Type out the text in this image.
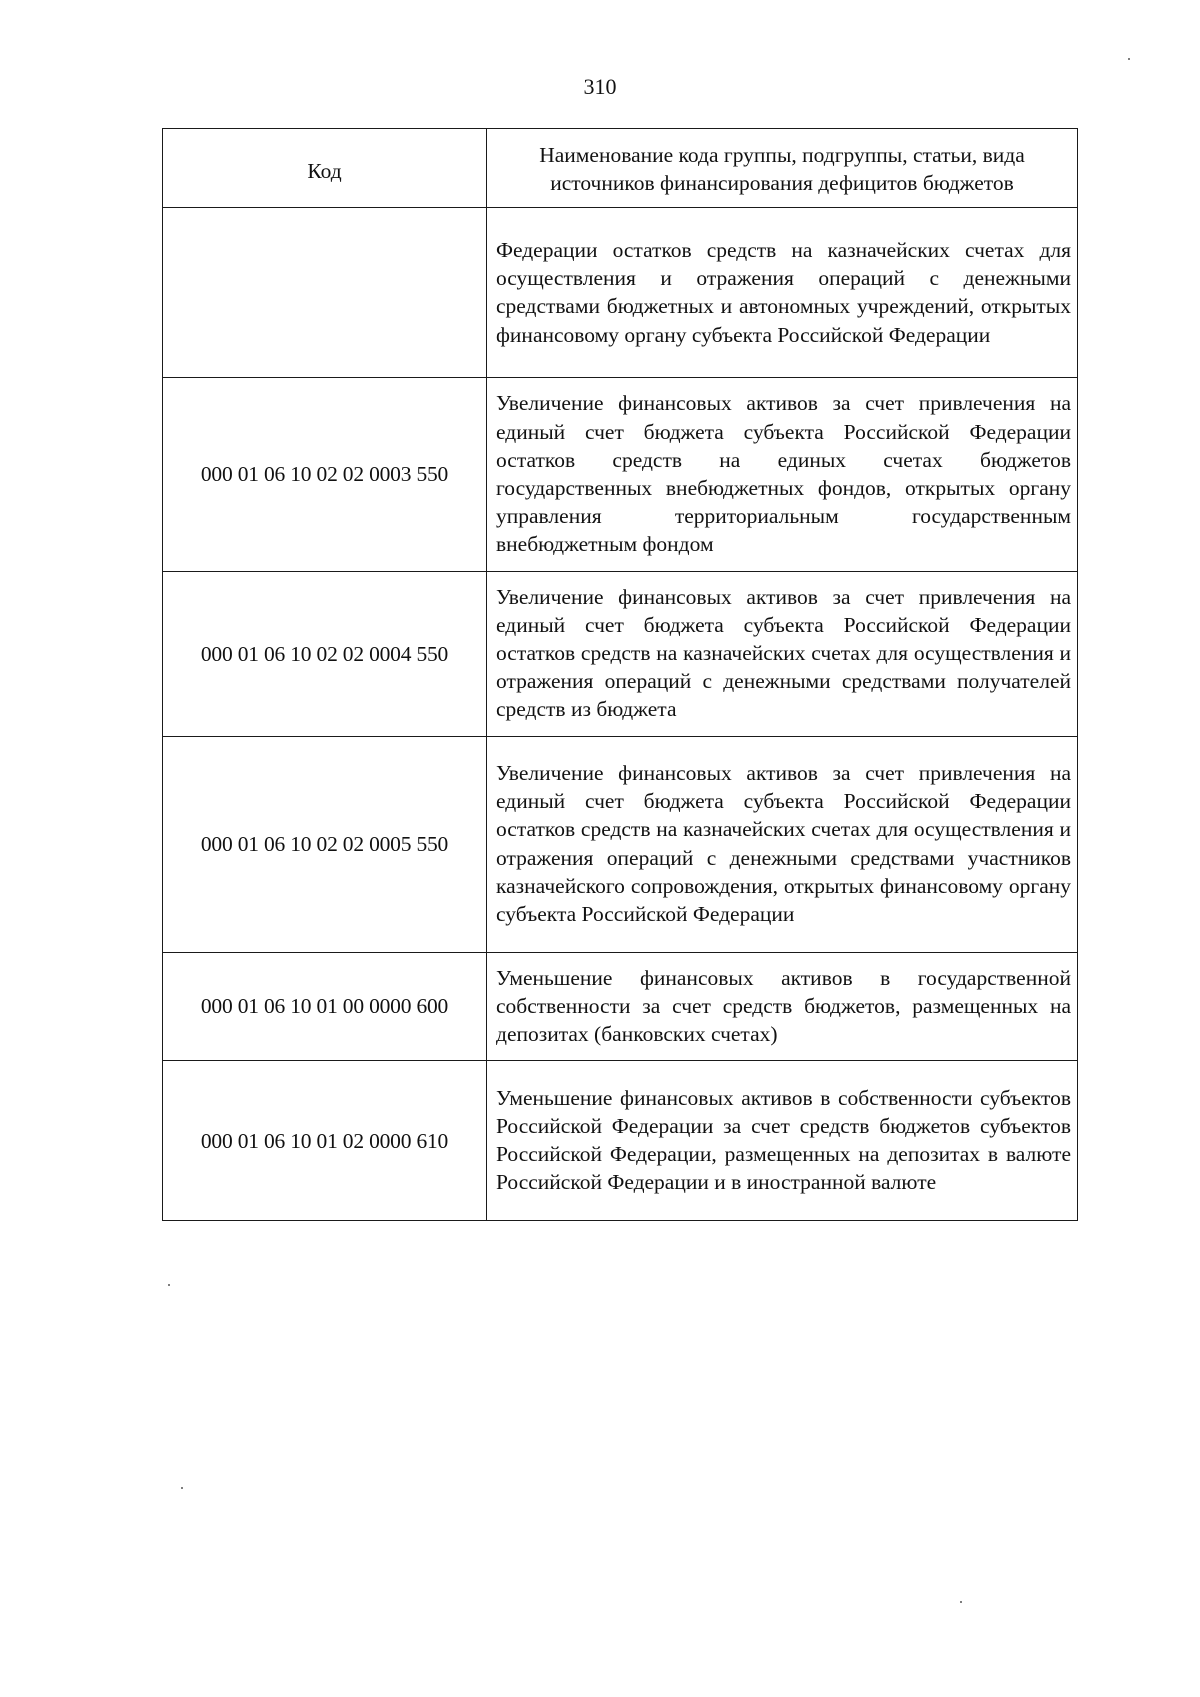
310
Код	Наименование кода группы, подгруппы, статьи, вида источников финансирования дефицитов бюджетов
	Федерации остатков средств на казначейских счетах для осуществления и отражения операций с денежными средствами бюджетных и автономных учреждений, открытых финансовому органу субъекта Российской Федерации
000 01 06 10 02 02 0003 550	Увеличение финансовых активов за счет привлечения на единый счет бюджета субъекта Российской Федерации остатков средств на единых счетах бюджетов государственных внебюджетных фондов, открытых органу управления территориальным государственным внебюджетным фондом
000 01 06 10 02 02 0004 550	Увеличение финансовых активов за счет привлечения на единый счет бюджета субъекта Российской Федерации остатков средств на казначейских счетах для осуществления и отражения операций с денежными средствами получателей средств из бюджета
000 01 06 10 02 02 0005 550	Увеличение финансовых активов за счет привлечения на единый счет бюджета субъекта Российской Федерации остатков средств на казначейских счетах для осуществления и отражения операций с денежными средствами участников казначейского сопровождения, открытых финансовому органу субъекта Российской Федерации
000 01 06 10 01 00 0000 600	Уменьшение финансовых активов в государственной собственности за счет средств бюджетов, размещенных на депозитах (банковских счетах)
000 01 06 10 01 02 0000 610	Уменьшение финансовых активов в собственности субъектов Российской Федерации за счет средств бюджетов субъектов Российской Федерации, размещенных на депозитах в валюте Российской Федерации и в иностранной валюте
